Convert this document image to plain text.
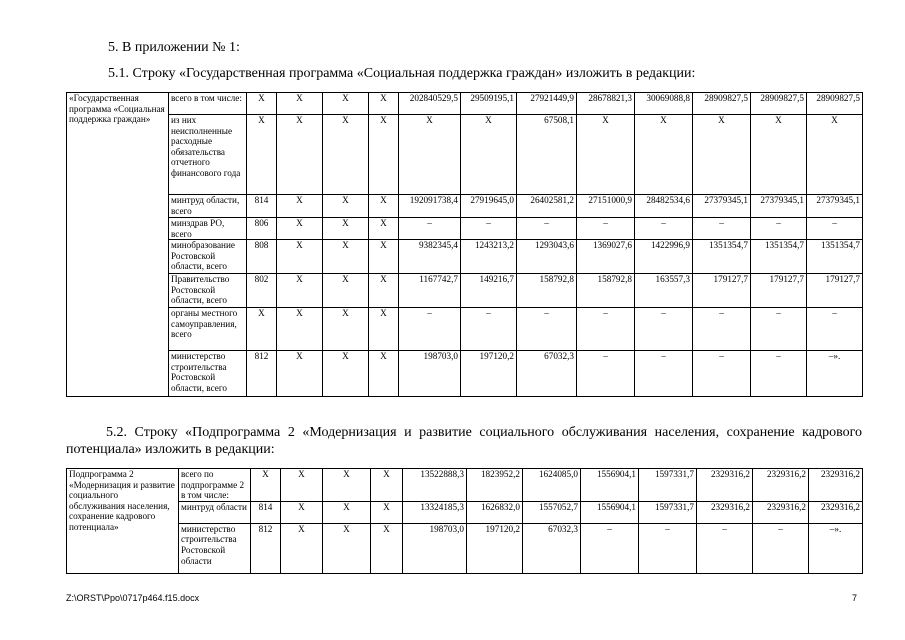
5. В приложении № 1:
5.1. Строку «Государственная программа «Социальная поддержка граждан» изложить в редакции:
«Государственная программа «Социальная поддержка граждан»	всего в том числе:	X	X	X	X	202840529,5	29509195,1	27921449,9	28678821,3	30069088,8	28909827,5	28909827,5	28909827,5
	из них неисполненные расходные обязательства отчетного финансового года	X	X	X	X	X	X	67508,1	X	X	X	X	X
	минтруд области, всего	814	X	X	X	192091738,4	27919645,0	26402581,2	27151000,9	28482534,6	27379345,1	27379345,1	27379345,1
	минздрав РО, всего	806	X	X	X	–	–	–	–	–	–	–	–
	минобразование Ростовской области, всего	808	X	X	X	9382345,4	1243213,2	1293043,6	1369027,6	1422996,9	1351354,7	1351354,7	1351354,7
	Правительство Ростовской области, всего	802	X	X	X	1167742,7	149216,7	158792,8	158792,8	163557,3	179127,7	179127,7	179127,7
	органы местного самоуправления, всего	X	X	X	X	–	–	–	–	–	–	–	–
	министерство строительства Ростовской области, всего	812	X	X	X	198703,0	197120,2	67032,3	–	–	–	–	–».
5.2. Строку «Подпрограмма 2 «Модернизация и развитие социального обслуживания населения, сохранение кадрового потенциала» изложить в редакции:
Подпрограмма 2 «Модернизация и развитие социального обслуживания населения, сохранение кадрового потенциала»	всего по подпрограмме 2 в том числе:	X	X	X	X	13522888,3	1823952,2	1624085,0	1556904,1	1597331,7	2329316,2	2329316,2	2329316,2
	минтруд области	814	X	X	X	13324185,3	1626832,0	1557052,7	1556904,1	1597331,7	2329316,2	2329316,2	2329316,2
	министерство строительства Ростовской области	812	X	X	X	198703,0	197120,2	67032,3	–	–	–	–	–».
Z:\ORST\Ppo\0717p464.f15.docx	7
